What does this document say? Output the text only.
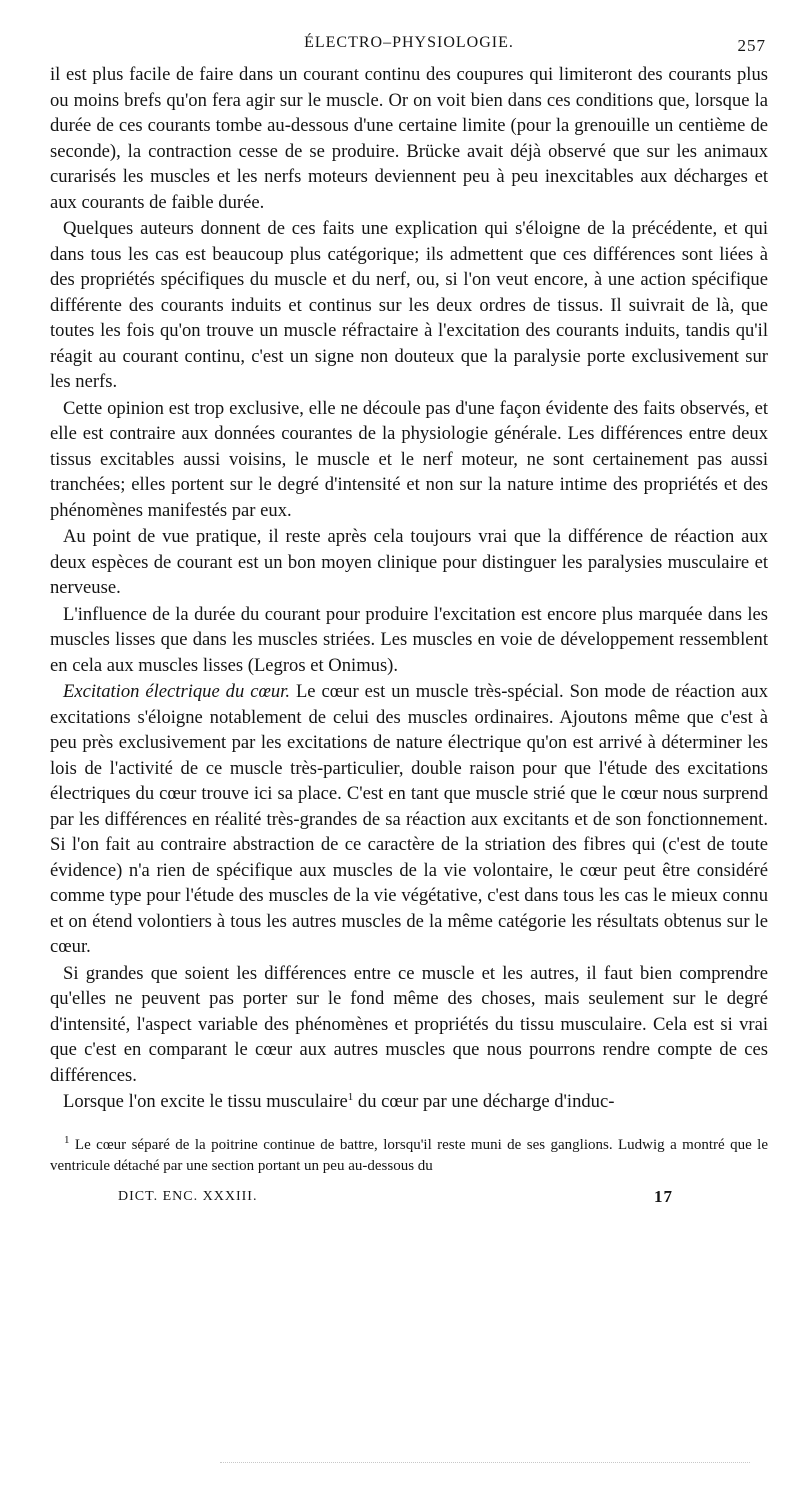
ÉLECTRO–PHYSIOLOGIE.	257

il est plus facile de faire dans un courant continu des coupures qui limiteront des courants plus ou moins brefs qu'on fera agir sur le muscle. Or on voit bien dans ces conditions que, lorsque la durée de ces courants tombe au-dessous d'une certaine limite (pour la grenouille un centième de seconde), la contraction cesse de se produire. Brücke avait déjà observé que sur les animaux curarisés les muscles et les nerfs moteurs deviennent peu à peu inexcitables aux décharges et aux courants de faible durée.

Quelques auteurs donnent de ces faits une explication qui s'éloigne de la précédente, et qui dans tous les cas est beaucoup plus catégorique; ils admettent que ces différences sont liées à des propriétés spécifiques du muscle et du nerf, ou, si l'on veut encore, à une action spécifique différente des courants induits et continus sur les deux ordres de tissus. Il suivrait de là, que toutes les fois qu'on trouve un muscle réfractaire à l'excitation des courants induits, tandis qu'il réagit au courant continu, c'est un signe non douteux que la paralysie porte exclusivement sur les nerfs.

Cette opinion est trop exclusive, elle ne découle pas d'une façon évidente des faits observés, et elle est contraire aux données courantes de la physiologie générale. Les différences entre deux tissus excitables aussi voisins, le muscle et le nerf moteur, ne sont certainement pas aussi tranchées; elles portent sur le degré d'intensité et non sur la nature intime des propriétés et des phénomènes manifestés par eux.

Au point de vue pratique, il reste après cela toujours vrai que la différence de réaction aux deux espèces de courant est un bon moyen clinique pour distinguer les paralysies musculaire et nerveuse.

L'influence de la durée du courant pour produire l'excitation est encore plus marquée dans les muscles lisses que dans les muscles striées. Les muscles en voie de développement ressemblent en cela aux muscles lisses (Legros et Onimus).

Excitation électrique du cœur. Le cœur est un muscle très-spécial. Son mode de réaction aux excitations s'éloigne notablement de celui des muscles ordinaires. Ajoutons même que c'est à peu près exclusivement par les excitations de nature électrique qu'on est arrivé à déterminer les lois de l'activité de ce muscle très-particulier, double raison pour que l'étude des excitations électriques du cœur trouve ici sa place. C'est en tant que muscle strié que le cœur nous surprend par les différences en réalité très-grandes de sa réaction aux excitants et de son fonctionnement. Si l'on fait au contraire abstraction de ce caractère de la striation des fibres qui (c'est de toute évidence) n'a rien de spécifique aux muscles de la vie volontaire, le cœur peut être considéré comme type pour l'étude des muscles de la vie végétative, c'est dans tous les cas le mieux connu et on étend volontiers à tous les autres muscles de la même catégorie les résultats obtenus sur le cœur.

Si grandes que soient les différences entre ce muscle et les autres, il faut bien comprendre qu'elles ne peuvent pas porter sur le fond même des choses, mais seulement sur le degré d'intensité, l'aspect variable des phénomènes et propriétés du tissu musculaire. Cela est si vrai que c'est en comparant le cœur aux autres muscles que nous pourrons rendre compte de ces différences.

Lorsque l'on excite le tissu musculaire$^1$ du cœur par une décharge d'induc-

$^1$ Le cœur séparé de la poitrine continue de battre, lorsqu'il reste muni de ses ganglions. Ludwig a montré que le ventricule détaché par une section portant un peu au-dessous du

DICT. ENC. XXXIII.	17
